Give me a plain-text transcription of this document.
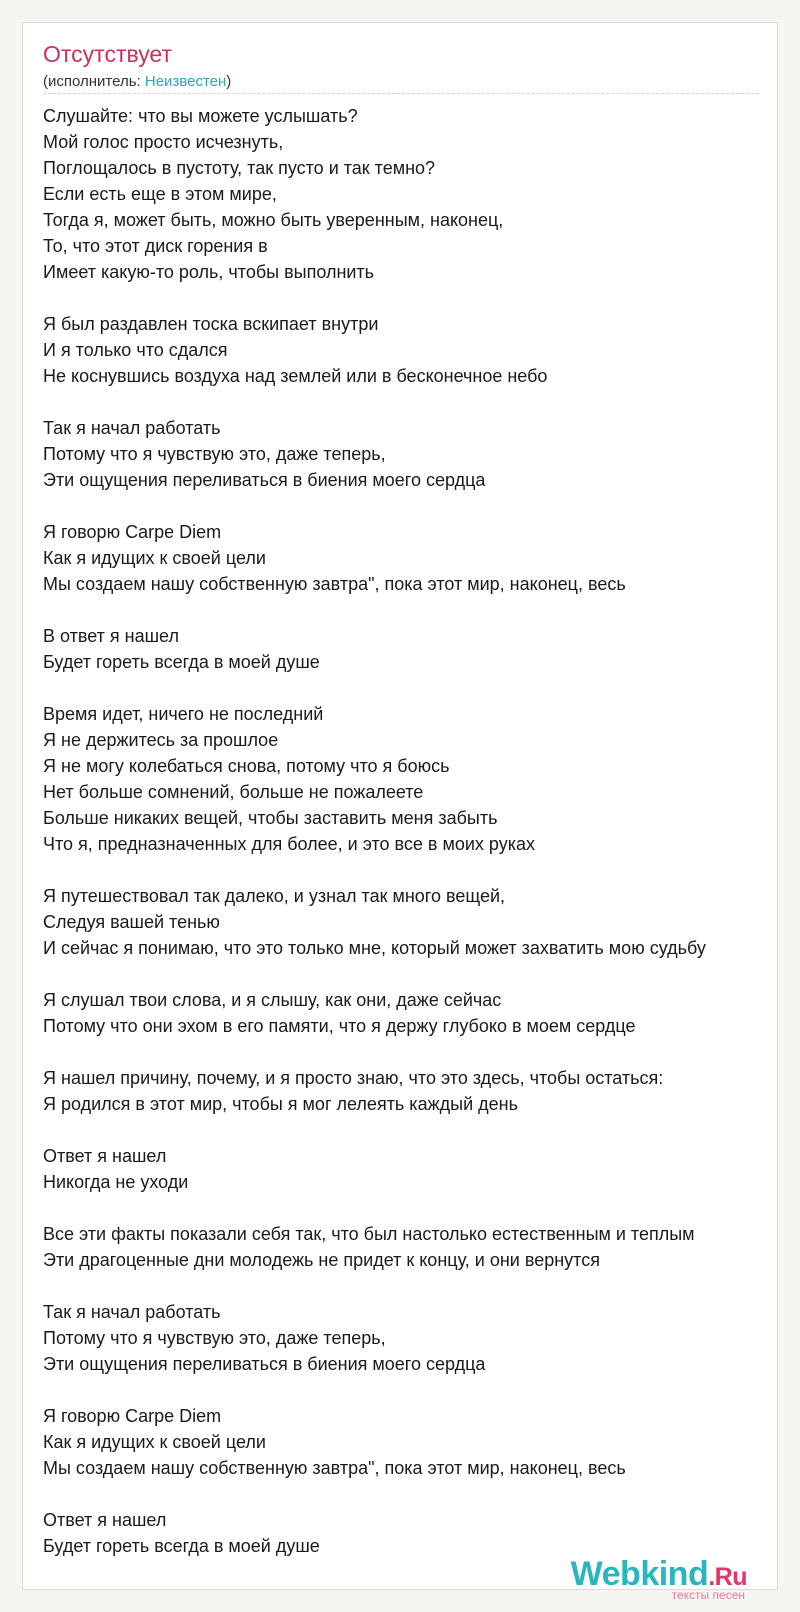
Отсутствует
(исполнитель: Неизвестен)
Слушайте: что вы можете услышать?
Мой голос просто исчезнуть,
Поглощалось в пустоту, так пусто и так темно?
Если есть еще в этом мире,
Тогда я, может быть, можно быть уверенным, наконец,
То, что этот диск горения в
Имеет какую-то роль, чтобы выполнить
Я был раздавлен тоска вскипает внутри
И я только что сдался
Не коснувшись воздуха над землей или в бесконечное небо
Так я начал работать
Потому что я чувствую это, даже теперь,
Эти ощущения переливаться в биения моего сердца
Я говорю Carpe Diem
Как я идущих к своей цели
Мы создаем нашу собственную завтра", пока этот мир, наконец, весь
В ответ я нашел
Будет гореть всегда в моей душе
Время идет, ничего не последний
Я не держитесь за прошлое
Я не могу колебаться снова, потому что я боюсь
Нет больше сомнений, больше не пожалеете
Больше никаких вещей, чтобы заставить меня забыть
Что я, предназначенных для более, и это все в моих руках
Я путешествовал так далеко, и узнал так много вещей,
Следуя вашей тенью
И сейчас я понимаю, что это только мне, который может захватить мою судьбу
Я слушал твои слова, и я слышу, как они, даже сейчас
Потому что они эхом в его памяти, что я держу глубоко в моем сердце
Я нашел причину, почему, и я просто знаю, что это здесь, чтобы остаться:
Я родился в этот мир, чтобы я мог лелеять каждый день
Ответ я нашел
Никогда не уходи
Все эти факты показали себя так, что был настолько естественным и теплым
Эти драгоценные дни молодежь не придет к концу, и они вернутся
Так я начал работать
Потому что я чувствую это, даже теперь,
Эти ощущения переливаться в биения моего сердца
Я говорю Carpe Diem
Как я идущих к своей цели
Мы создаем нашу собственную завтра", пока этот мир, наконец, весь
Ответ я нашел
Будет гореть всегда в моей душе
Webkind.Ru
тексты песен
